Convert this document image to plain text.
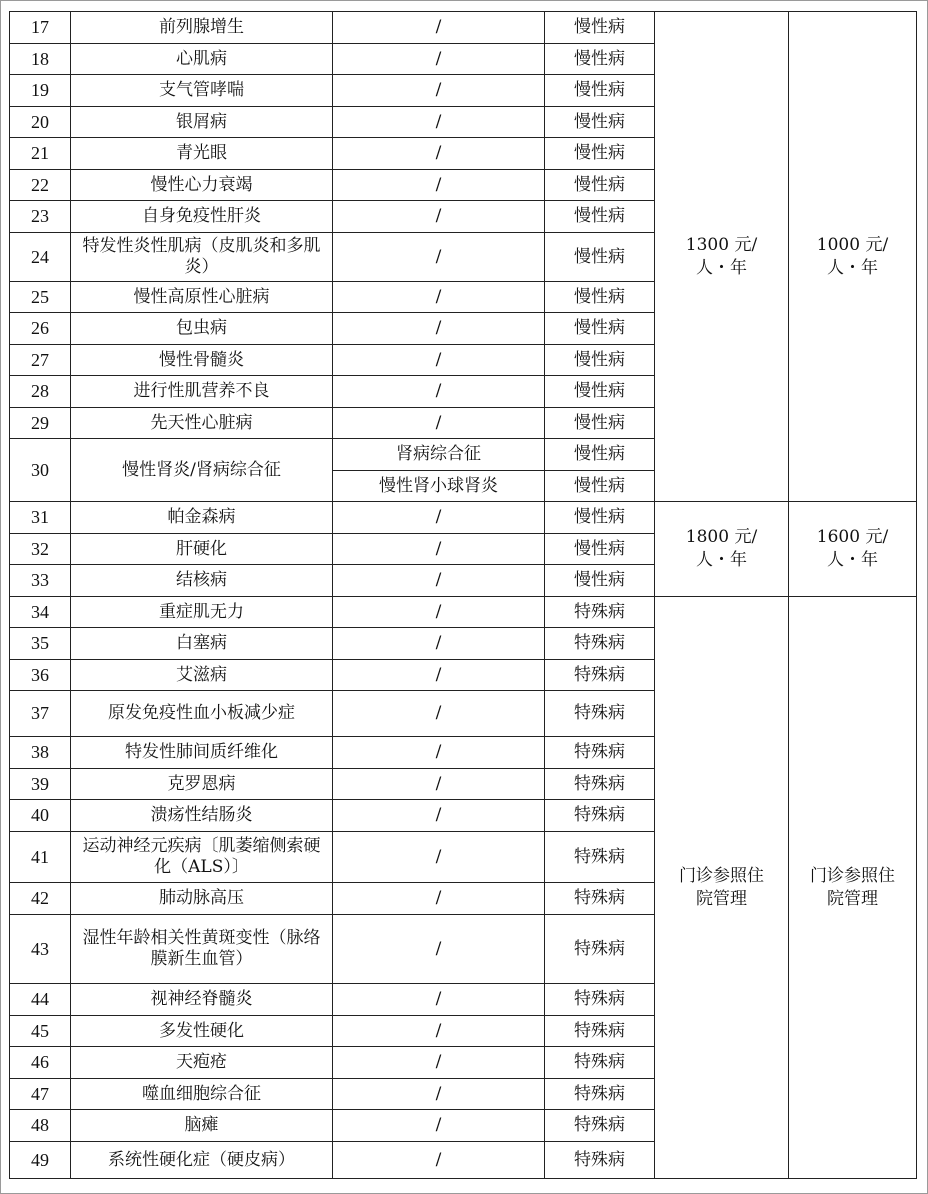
17	前列腺增生	/	慢性病	1300 元/人・年	1000 元/人・年
18	心肌病	/	慢性病		
19	支气管哮喘	/	慢性病		
20	银屑病	/	慢性病		
21	青光眼	/	慢性病		
22	慢性心力衰竭	/	慢性病		
23	自身免疫性肝炎	/	慢性病		
24	特发性炎性肌病（皮肌炎和多肌炎）	/	慢性病		
25	慢性高原性心脏病	/	慢性病		
26	包虫病	/	慢性病		
27	慢性骨髓炎	/	慢性病		
28	进行性肌营养不良	/	慢性病		
29	先天性心脏病	/	慢性病		
30	慢性肾炎/肾病综合征	肾病综合征	慢性病		
		慢性肾小球肾炎	慢性病		
31	帕金森病	/	慢性病	1800 元/人・年	1600 元/人・年
32	肝硬化	/	慢性病		
33	结核病	/	慢性病		
34	重症肌无力	/	特殊病	门诊参照住院管理	门诊参照住院管理
35	白塞病	/	特殊病		
36	艾滋病	/	特殊病		
37	原发免疫性血小板减少症	/	特殊病		
38	特发性肺间质纤维化	/	特殊病		
39	克罗恩病	/	特殊病		
40	溃疡性结肠炎	/	特殊病		
41	运动神经元疾病〔肌萎缩侧索硬化（ALS）〕	/	特殊病		
42	肺动脉高压	/	特殊病		
43	湿性年龄相关性黄斑变性（脉络膜新生血管）	/	特殊病		
44	视神经脊髓炎	/	特殊病		
45	多发性硬化	/	特殊病		
46	天疱疮	/	特殊病		
47	噬血细胞综合征	/	特殊病		
48	脑瘫	/	特殊病		
49	系统性硬化症（硬皮病）	/	特殊病		
